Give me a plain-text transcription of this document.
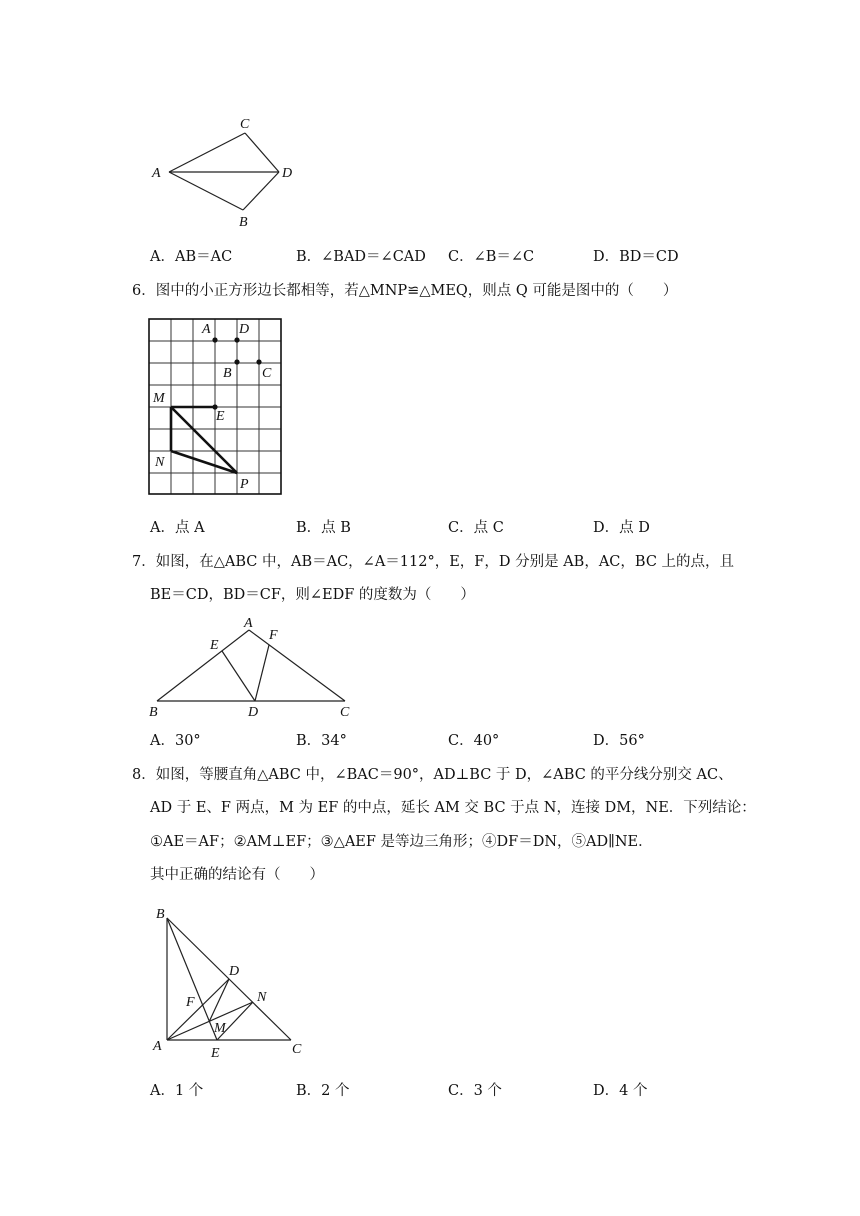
A
C
D
B
A．AB＝AC	B．∠BAD＝∠CAD C．∠B＝∠C	D．BD＝CD
6．图中的小正方形边长都相等，若△MNP≌△MEQ，则点 Q 可能是图中的（　　）
A D
B C
M
E
N
P
A．点 A	B．点 B	C．点 C	D．点 D
7．如图，在△ABC 中，AB＝AC，∠A＝112°，E，F，D 分别是 AB，AC，BC 上的点，且
BE＝CD，BD＝CF，则∠EDF 的度数为（　　）
A
E
F
B	D	C
A．30°	B．34°	C．40°	D．56°
8．如图，等腰直角△ABC 中，∠BAC＝90°，AD⊥BC 于 D，∠ABC 的平分线分别交 AC、
AD 于 E、F 两点，M 为 EF 的中点，延长 AM 交 BC 于点 N，连接 DM，NE．下列结论：
①AE＝AF；②AM⊥EF；③△AEF 是等边三角形；④DF＝DN，⑤AD∥NE．
其中正确的结论有（　　）
B
D
N
F
M
A	E	C
A．1 个	B．2 个	C．3 个	D．4 个
